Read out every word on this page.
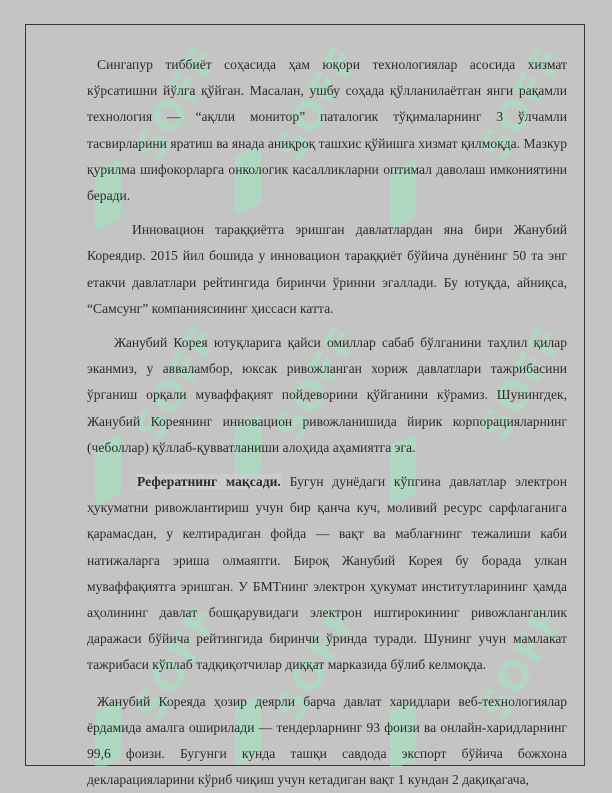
SOFF SOFF	SOFF
SOFF SOFF	SOFF
SOFF SOFF	SOFF

Сингапур тиббиёт соҳасида ҳам юқори технологиялар асосида хизмат кўрсатишни йўлга қўйган. Масалан, ушбу соҳада қўлланилаётган янги рақамли технология — “ақлли монитор” паталогик тўқималарнинг 3 ўлчамли тасвирларини яратиш ва янада аниқроқ ташхис қўйишга хизмат қилмоқда. Мазкур қурилма шифокорларга онкологик касалликларни оптимал даволаш имкониятини беради.

Инновацион тараққиётга эришган давлатлардан яна бири Жанубий Кореядир. 2015 йил бошида у инновацион тараққиёт бўйича дунёнинг 50 та энг етакчи давлатлари рейтингида биринчи ўринни эгаллади. Бу ютуқда, айниқса, “Самсунг” компаниясининг ҳиссаси катта.

Жанубий Корея ютуқларига қайси омиллар сабаб бўлганини таҳлил қилар эканмиз, у авваламбор, юксак ривожланган хориж давлатлари тажрибасини ўрганиш орқали муваффақият пойдеворини қўйганини кўрамиз. Шунингдек, Жанубий Кореянинг инновацион ривожланишида йирик корпорацияларнинг (чеболлар) қўллаб-қувватланиши алоҳида аҳамиятга эга.

Рефератнинг мақсади. Бугун дунёдаги кўпгина давлатлар электрон ҳукуматни ривожлантириш учун бир қанча куч, моливий ресурс сарфлаганига қарамасдан, у келтирадиган фойда — вақт ва маблағнинг тежалиши каби натижаларга эриша олмаяпти. Бироқ Жанубий Корея бу борада улкан муваффақиятга эришган. У БМТнинг электрон ҳукумат институтларининг ҳамда аҳолининг давлат бошқарувидаги электрон иштирокининг ривожланганлик даражаси бўйича рейтингида биринчи ўринда туради. Шунинг учун мамлакат тажрибаси кўплаб тадқиқотчилар диққат марказида бўлиб келмоқда.

Жанубий Кореяда ҳозир деярли барча давлат харидлари веб-технологиялар ёрдамида амалга оширилади — тендерларнинг 93 фоизи ва онлайн-харидларнинг 99,6 фоизи. Бугунги кунда ташқи савдода экспорт бўйича божхона декларацияларини кўриб чиқиш учун кетадиган вақт 1 кундан 2 дақиқагача,
